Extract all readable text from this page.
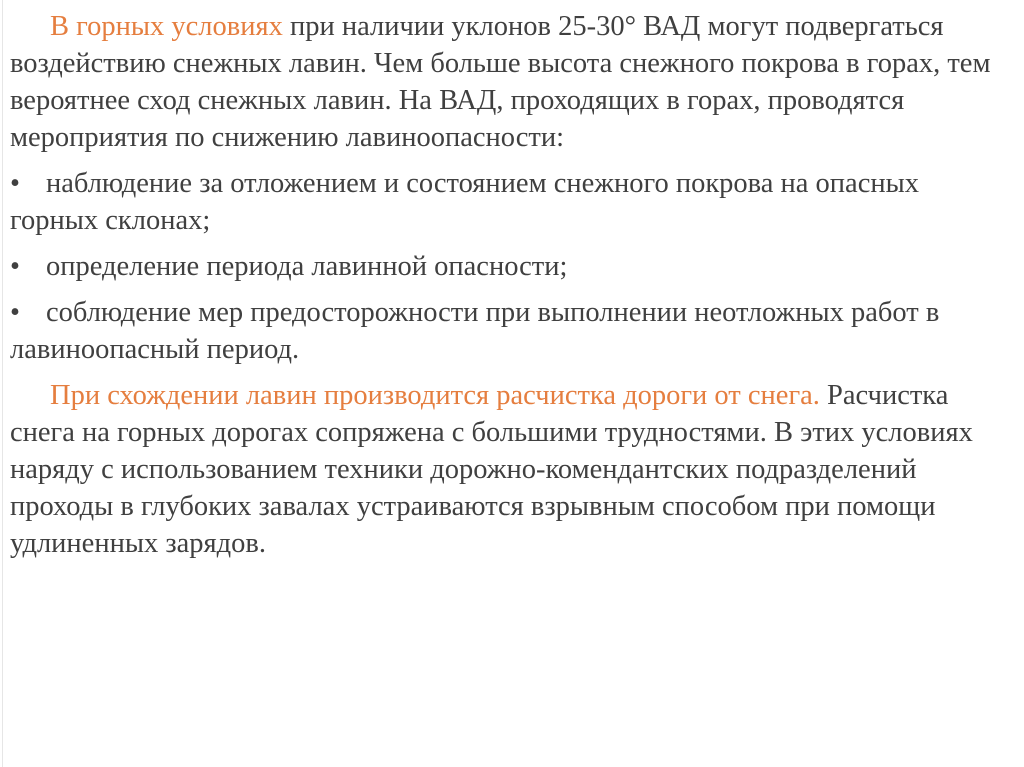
В горных условиях при наличии уклонов 25-30° ВАД могут подвергаться воздействию снежных лавин. Чем больше высота снежного покрова в горах, тем вероятнее сход снежных лавин. На ВАД, проходящих в горах, проводятся мероприятия по снижению лавиноопасности:

• наблюдение за отложением и состоянием снежного покрова на опасных горных склонах;

• определение периода лавинной опасности;

• соблюдение мер предосторожности при выполнении неотложных работ в лавиноопасный период.

При схождении лавин производится расчистка дороги от снега. Расчистка снега на горных дорогах сопряжена с большими трудностями. В этих условиях наряду с использованием техники дорожно-комендантских подразделений проходы в глубоких завалах устраиваются взрывным способом при помощи удлиненных зарядов.
